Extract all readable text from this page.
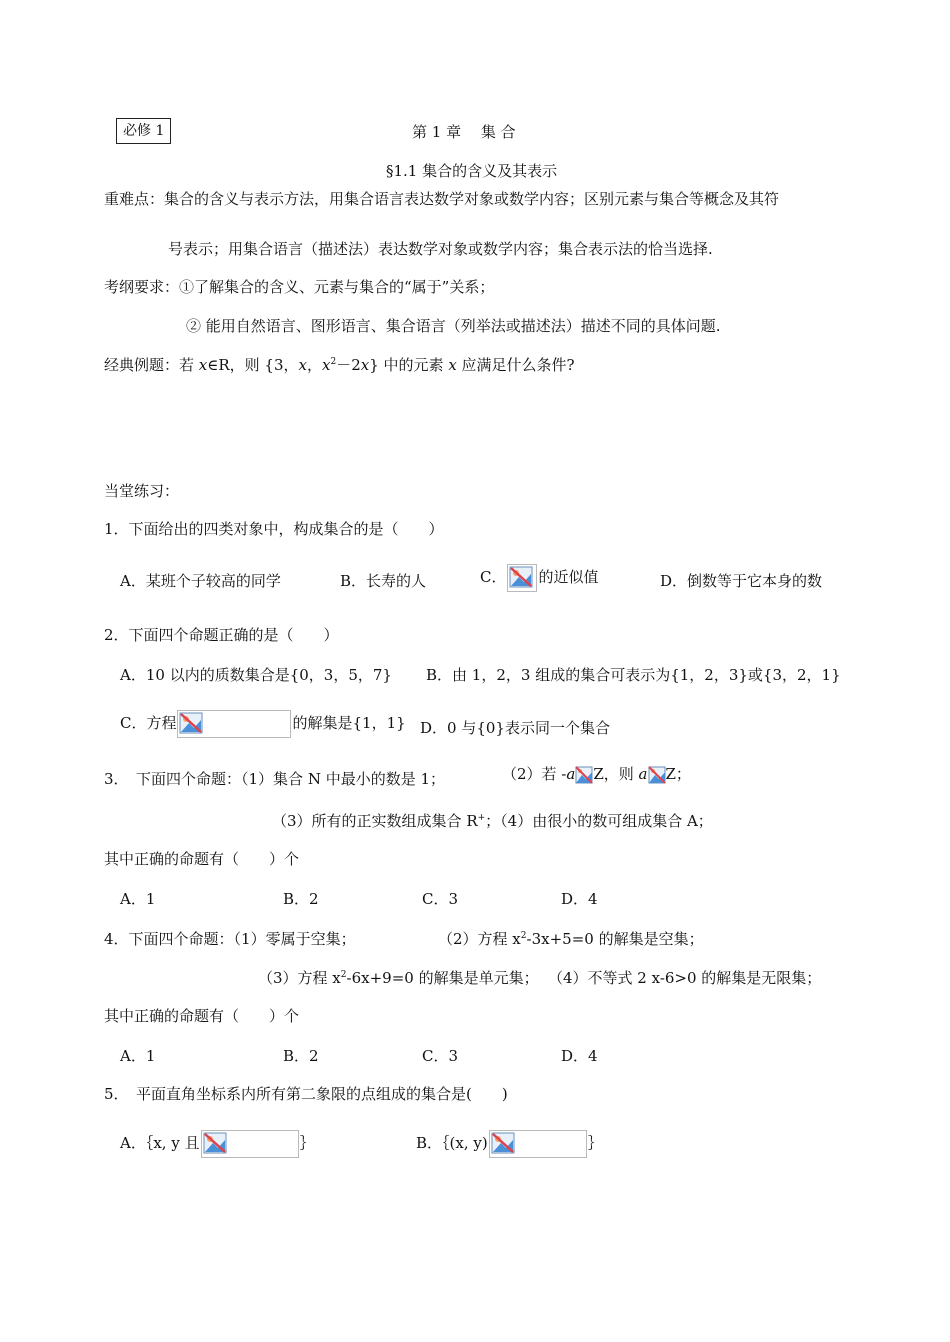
必修 1	第 1 章　 集 合
§1.1 集合的含义及其表示
重难点：集合的含义与表示方法，用集合语言表达数学对象或数学内容；区别元素与集合等概念及其符
号表示；用集合语言（描述法）表达数学对象或数学内容；集合表示法的恰当选择.
考纲要求：①了解集合的含义、元素与集合的“属于”关系；
② 能用自然语言、图形语言、集合语言（列举法或描述法）描述不同的具体问题.
经典例题：若 x∈R，则 {3，x，$x^2-2x$} 中的元素 x 应满足什么条件?
当堂练习：
1．下面给出的四类对象中，构成集合的是（　　）
A．某班个子较高的同学	B．长寿的人	C． 的近似值	D．倒数等于它本身的数
2．下面四个命题正确的是（　　）
A．10 以内的质数集合是{0，3，5，7} B．由 1，2，3 组成的集合可表示为{1，2，3}或{3，2，1}
C．方程	的解集是{1，1} D．0 与{0}表示同一个集合
3． 下面四个命题：（1）集合 N 中最小的数是 1；	（2）若 -a Z，则 a Z；
（3）所有的正实数组成集合 R+；（4）由很小的数可组成集合 A；
其中正确的命题有（　　）个
A．1	B．2	C．3	D．4
4．下面四个命题：（1）零属于空集；	（2）方程 $x^2-3x+5=0$ 的解集是空集；
（3）方程 $x^2-6x+9=0$ 的解集是单元集； （4）不等式 2 x-6>0 的解集是无限集；
其中正确的命题有（　　）个
A．1	B．2	C．3	D．4
5．　平面直角坐标系内所有第二象限的点组成的集合是(　　)
A．｛x, y 且	｝	B．｛(x, y)	｝
